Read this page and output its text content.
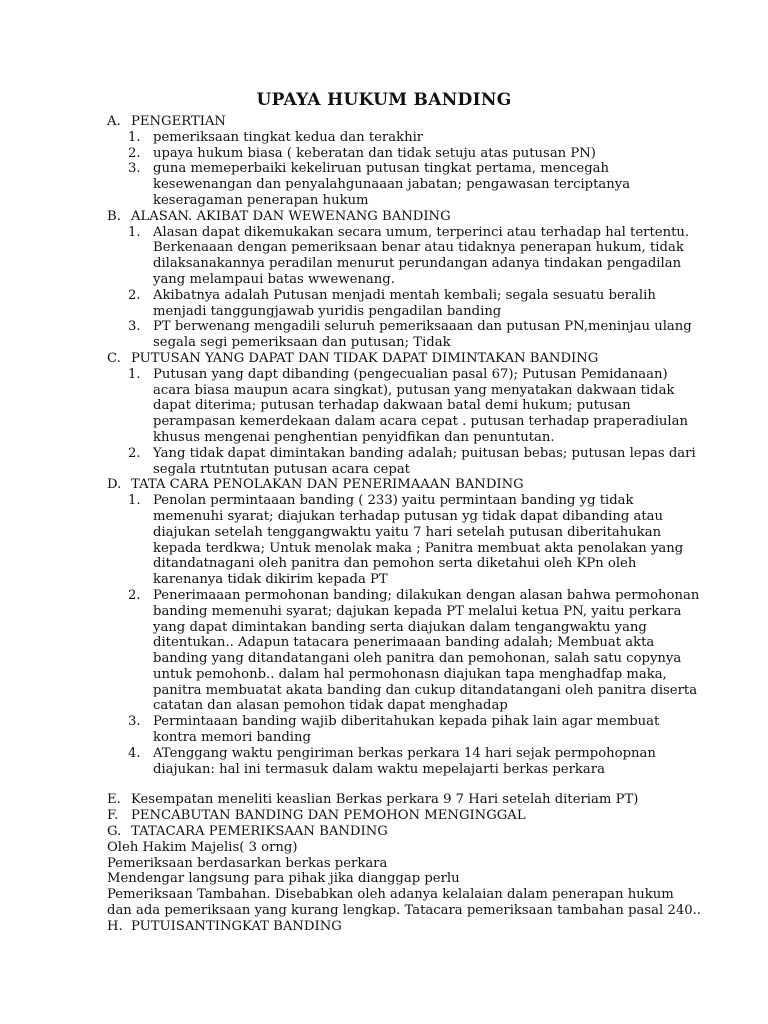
UPAYA HUKUM BANDING
A. PENGERTIAN
1. pemeriksaan tingkat kedua dan terakhir
2. upaya hukum biasa ( keberatan dan tidak setuju atas putusan PN)
3. guna memeperbaiki kekeliruan putusan tingkat pertama, mencegah kesewenangan dan penyalahgunaaan jabatan; pengawasan terciptanya keseragaman penerapan hukum
B. ALASAN. AKIBAT DAN WEWENANG BANDING
1. Alasan dapat dikemukakan secara umum, terperinci atau terhadap hal tertentu. Berkenaaan dengan pemeriksaan benar atau tidaknya penerapan hukum, tidak dilaksanakannya peradilan menurut perundangan adanya tindakan pengadilan yang melampaui batas wwewenang.
2. Akibatnya adalah Putusan menjadi mentah kembali; segala sesuatu beralih menjadi tanggungjawab yuridis pengadilan banding
3. PT berwenang mengadili seluruh pemeriksaaan dan putusan PN,meninjau ulang segala segi pemeriksaan dan putusan; Tidak
C. PUTUSAN YANG DAPAT DAN TIDAK DAPAT DIMINTAKAN BANDING
1. Putusan yang dapt dibanding (pengecualian pasal 67); Putusan Pemidanaan) acara biasa maupun acara singkat), putusan yang menyatakan dakwaan tidak dapat diterima; putusan terhadap dakwaan batal demi hukum; putusan perampasan kemerdekaan dalam acara cepat . putusan terhadap praperadiulan khusus mengenai penghentian penyidfikan dan penuntutan.
2. Yang tidak dapat dimintakan banding adalah; puitusan bebas; putusan lepas dari segala rtutntutan putusan acara cepat
D. TATA CARA PENOLAKAN DAN PENERIMAAAN BANDING
1. Penolan permintaaan banding ( 233) yaitu permintaan banding yg tidak memenuhi syarat; diajukan terhadap putusan yg tidak dapat dibanding atau diajukan setelah tenggangwaktu yaitu 7 hari setelah putusan diberitahukan kepada terdkwa; Untuk menolak maka ; Panitra membuat akta penolakan yang ditandatnagani oleh panitra dan pemohon serta diketahui oleh KPn oleh karenanya tidak dikirim kepada PT
2. Penerimaaan permohonan banding; dilakukan dengan alasan bahwa permohonan banding memenuhi syarat; dajukan kepada PT melalui ketua PN, yaitu perkara yang dapat dimintakan banding serta diajukan dalam tengangwaktu yang ditentukan.. Adapun tatacara penerimaaan banding adalah; Membuat akta banding yang ditandatangani oleh panitra dan pemohonan, salah satu copynya untuk pemohonb.. dalam hal permohonasn diajukan tapa menghadfap maka, panitra membuatat akata banding dan cukup ditandatangani oleh panitra diserta catatan dan alasan pemohon tidak dapat menghadap
3. Permintaaan banding wajib diberitahukan kepada pihak lain agar membuat kontra memori banding
4. ATenggang waktu pengiriman berkas perkara 14 hari sejak permpohopnan diajukan: hal ini termasuk dalam waktu mepelajarti berkas perkara
E. Kesempatan meneliti keaslian Berkas perkara 9 7 Hari setelah diteriam PT)
F. PENCABUTAN BANDING DAN PEMOHON MENGINGGAL
G. TATACARA PEMERIKSAAN BANDING
Oleh Hakim Majelis( 3 orng)
Pemeriksaan berdasarkan berkas perkara
Mendengar langsung para pihak jika dianggap perlu
Pemeriksaan Tambahan. Disebabkan oleh adanya kelalaian dalam penerapan hukum
dan ada pemeriksaan yang kurang lengkap. Tatacara pemeriksaan tambahan pasal 240..
H. PUTUISANTINGKAT BANDING
